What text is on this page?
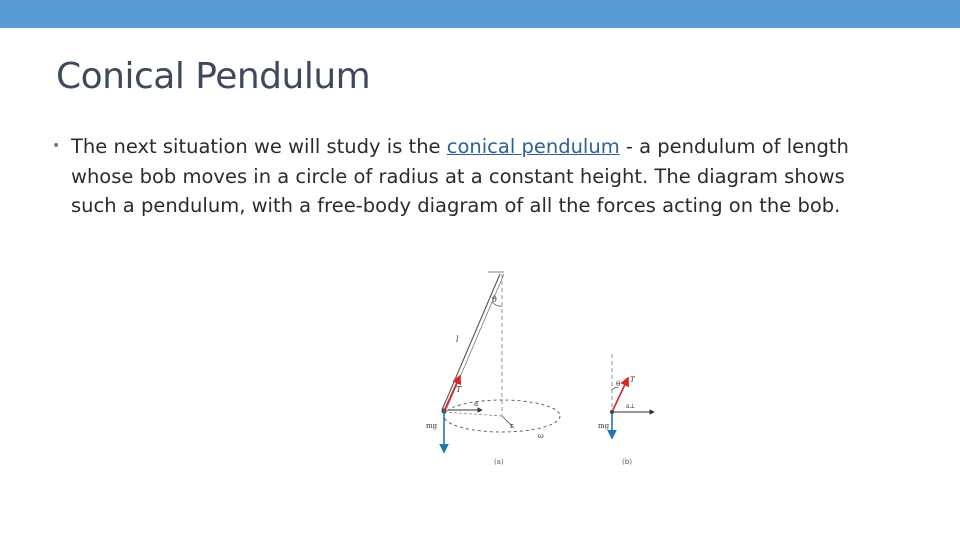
Conical Pendulum
• The next situation we will study is the conical pendulum - a pendulum of length whose bob moves in a circle of radius at a constant height. The diagram shows such a pendulum, with a free-body diagram of all the forces acting on the bob.
θ
l
r
ω
a
T
mg
(a)
θ T
a⊥
mg
(b)
